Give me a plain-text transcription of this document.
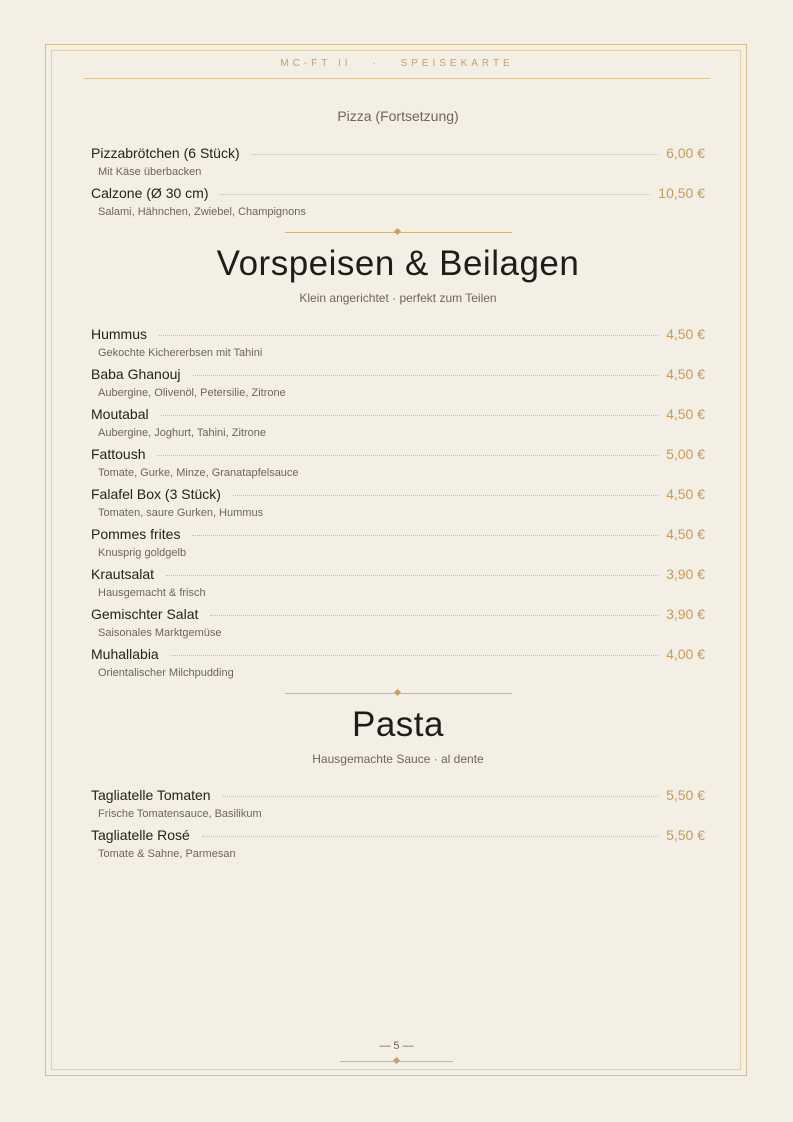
MC-FT II · SPEISEKARTE
Pizza (Fortsetzung)
Pizzabrötchen (6 Stück)	6,00 €
Mit Käse überbacken
Calzone (Ø 30 cm)	10,50 €
Salami, Hähnchen, Zwiebel, Champignons
Vorspeisen & Beilagen
Klein angerichtet · perfekt zum Teilen
Hummus	4,50 €
Gekochte Kichererbsen mit Tahini
Baba Ghanouj	4,50 €
Aubergine, Olivenöl, Petersilie, Zitrone
Moutabal	4,50 €
Aubergine, Joghurt, Tahini, Zitrone
Fattoush	5,00 €
Tomate, Gurke, Minze, Granatapfelsauce
Falafel Box (3 Stück)	4,50 €
Tomaten, saure Gurken, Hummus
Pommes frites	4,50 €
Knusprig goldgelb
Krautsalat	3,90 €
Hausgemacht & frisch
Gemischter Salat	3,90 €
Saisonales Marktgemüse
Muhallabia	4,00 €
Orientalischer Milchpudding
Pasta
Hausgemachte Sauce · al dente
Tagliatelle Tomaten	5,50 €
Frische Tomatensauce, Basilikum
Tagliatelle Rosé	5,50 €
Tomate & Sahne, Parmesan
— 5 —
